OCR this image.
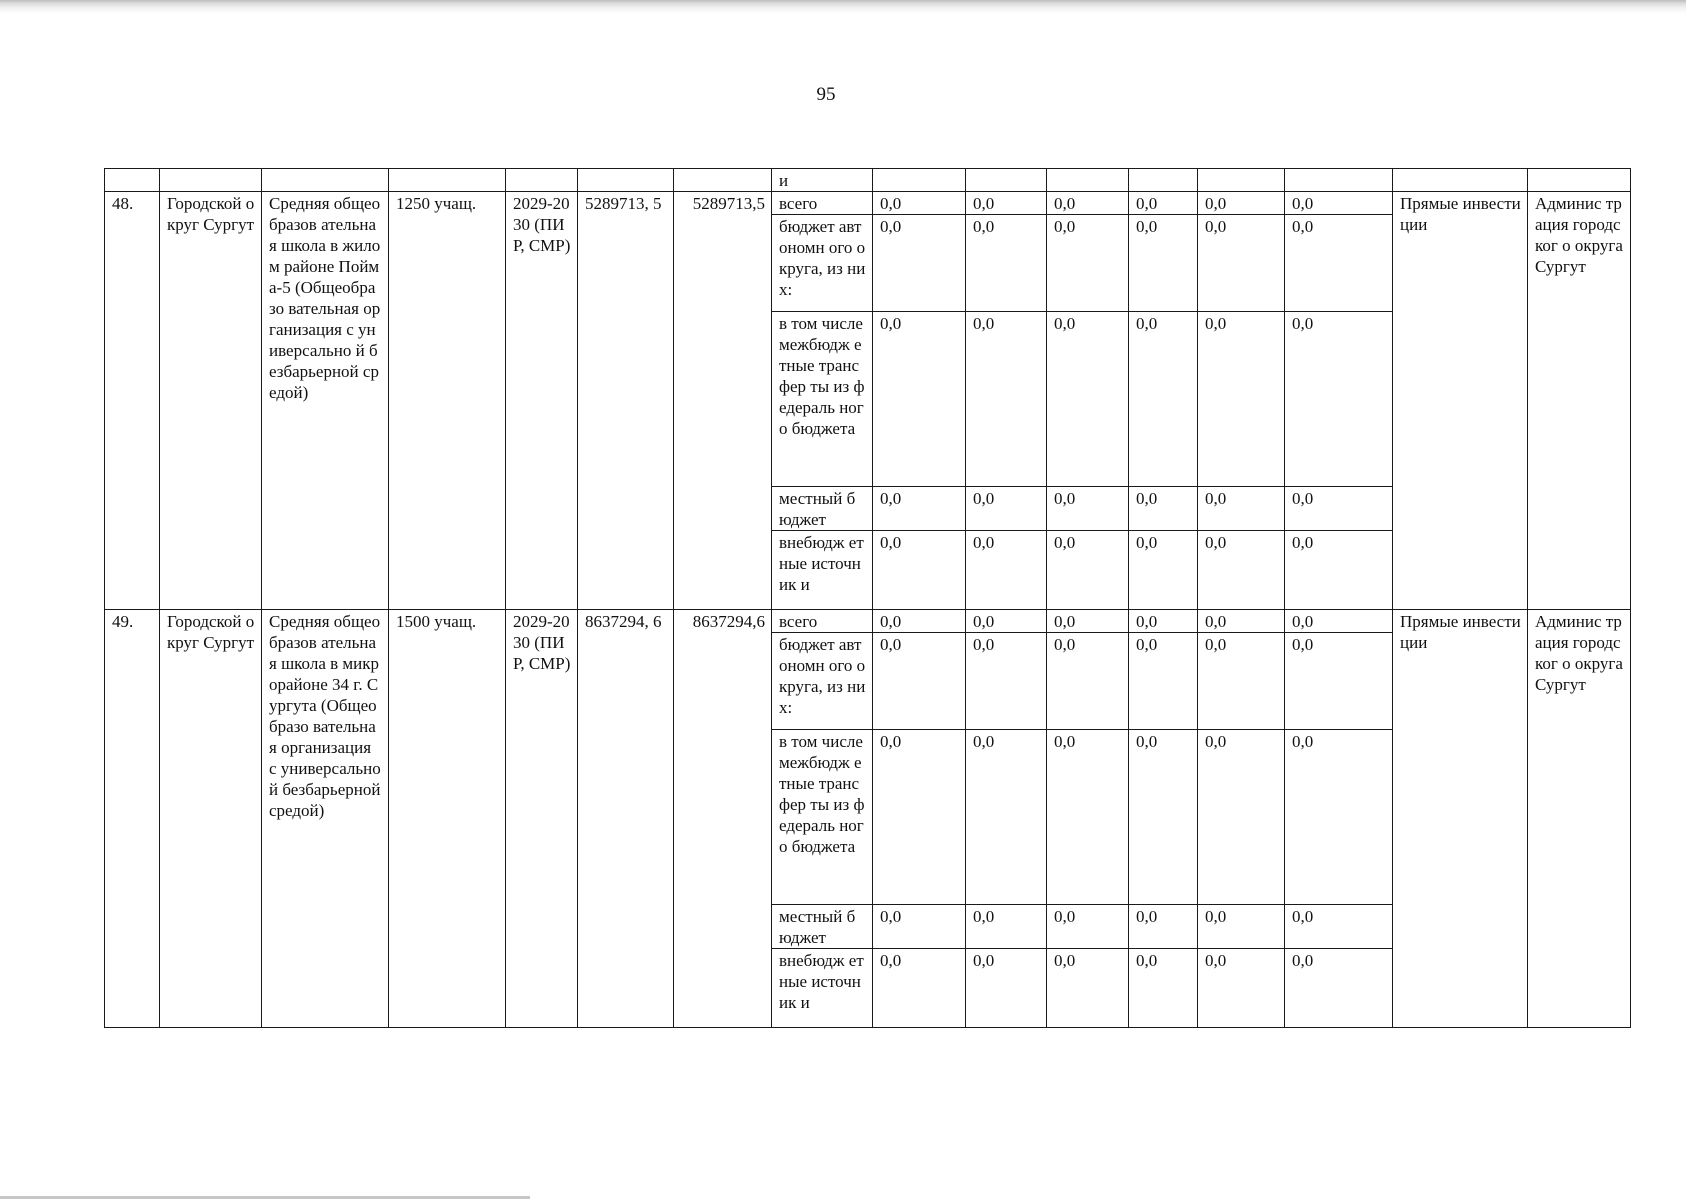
95
							и								
48.	Городской округ Сургут	Средняя общеобразов ательная школа в жилом районе Пойма-5 (Общеобразо вательная организация с универсально й безбарьерной средой)	1250 учащ.	2029-2030 (ПИР, СМР)	5289713, 5	5289713,5	всего	0,0	0,0	0,0	0,0	0,0	0,0	Прямые инвестиции	Админис трация городског о округа Сургут
							бюджет автономн ого округа, из них:	0,0	0,0	0,0	0,0	0,0	0,0		
							в том числе межбюдж етные трансфер ты из федераль ного бюджета	0,0	0,0	0,0	0,0	0,0	0,0		
							местный бюджет	0,0	0,0	0,0	0,0	0,0	0,0		
							внебюдж етные источник и	0,0	0,0	0,0	0,0	0,0	0,0		
49.	Городской округ Сургут	Средняя общеобразов ательная школа в микрорайоне 34 г. Сургута (Общеобразо вательная организация с универсально й безбарьерной средой)	1500 учащ.	2029-2030 (ПИР, СМР)	8637294, 6	8637294,6	всего	0,0	0,0	0,0	0,0	0,0	0,0	Прямые инвестиции	Админис трация городског о округа Сургут
							бюджет автономн ого округа, из них:	0,0	0,0	0,0	0,0	0,0	0,0		
							в том числе межбюдж етные трансфер ты из федераль ного бюджета	0,0	0,0	0,0	0,0	0,0	0,0		
							местный бюджет	0,0	0,0	0,0	0,0	0,0	0,0		
							внебюдж етные источник и	0,0	0,0	0,0	0,0	0,0	0,0		
